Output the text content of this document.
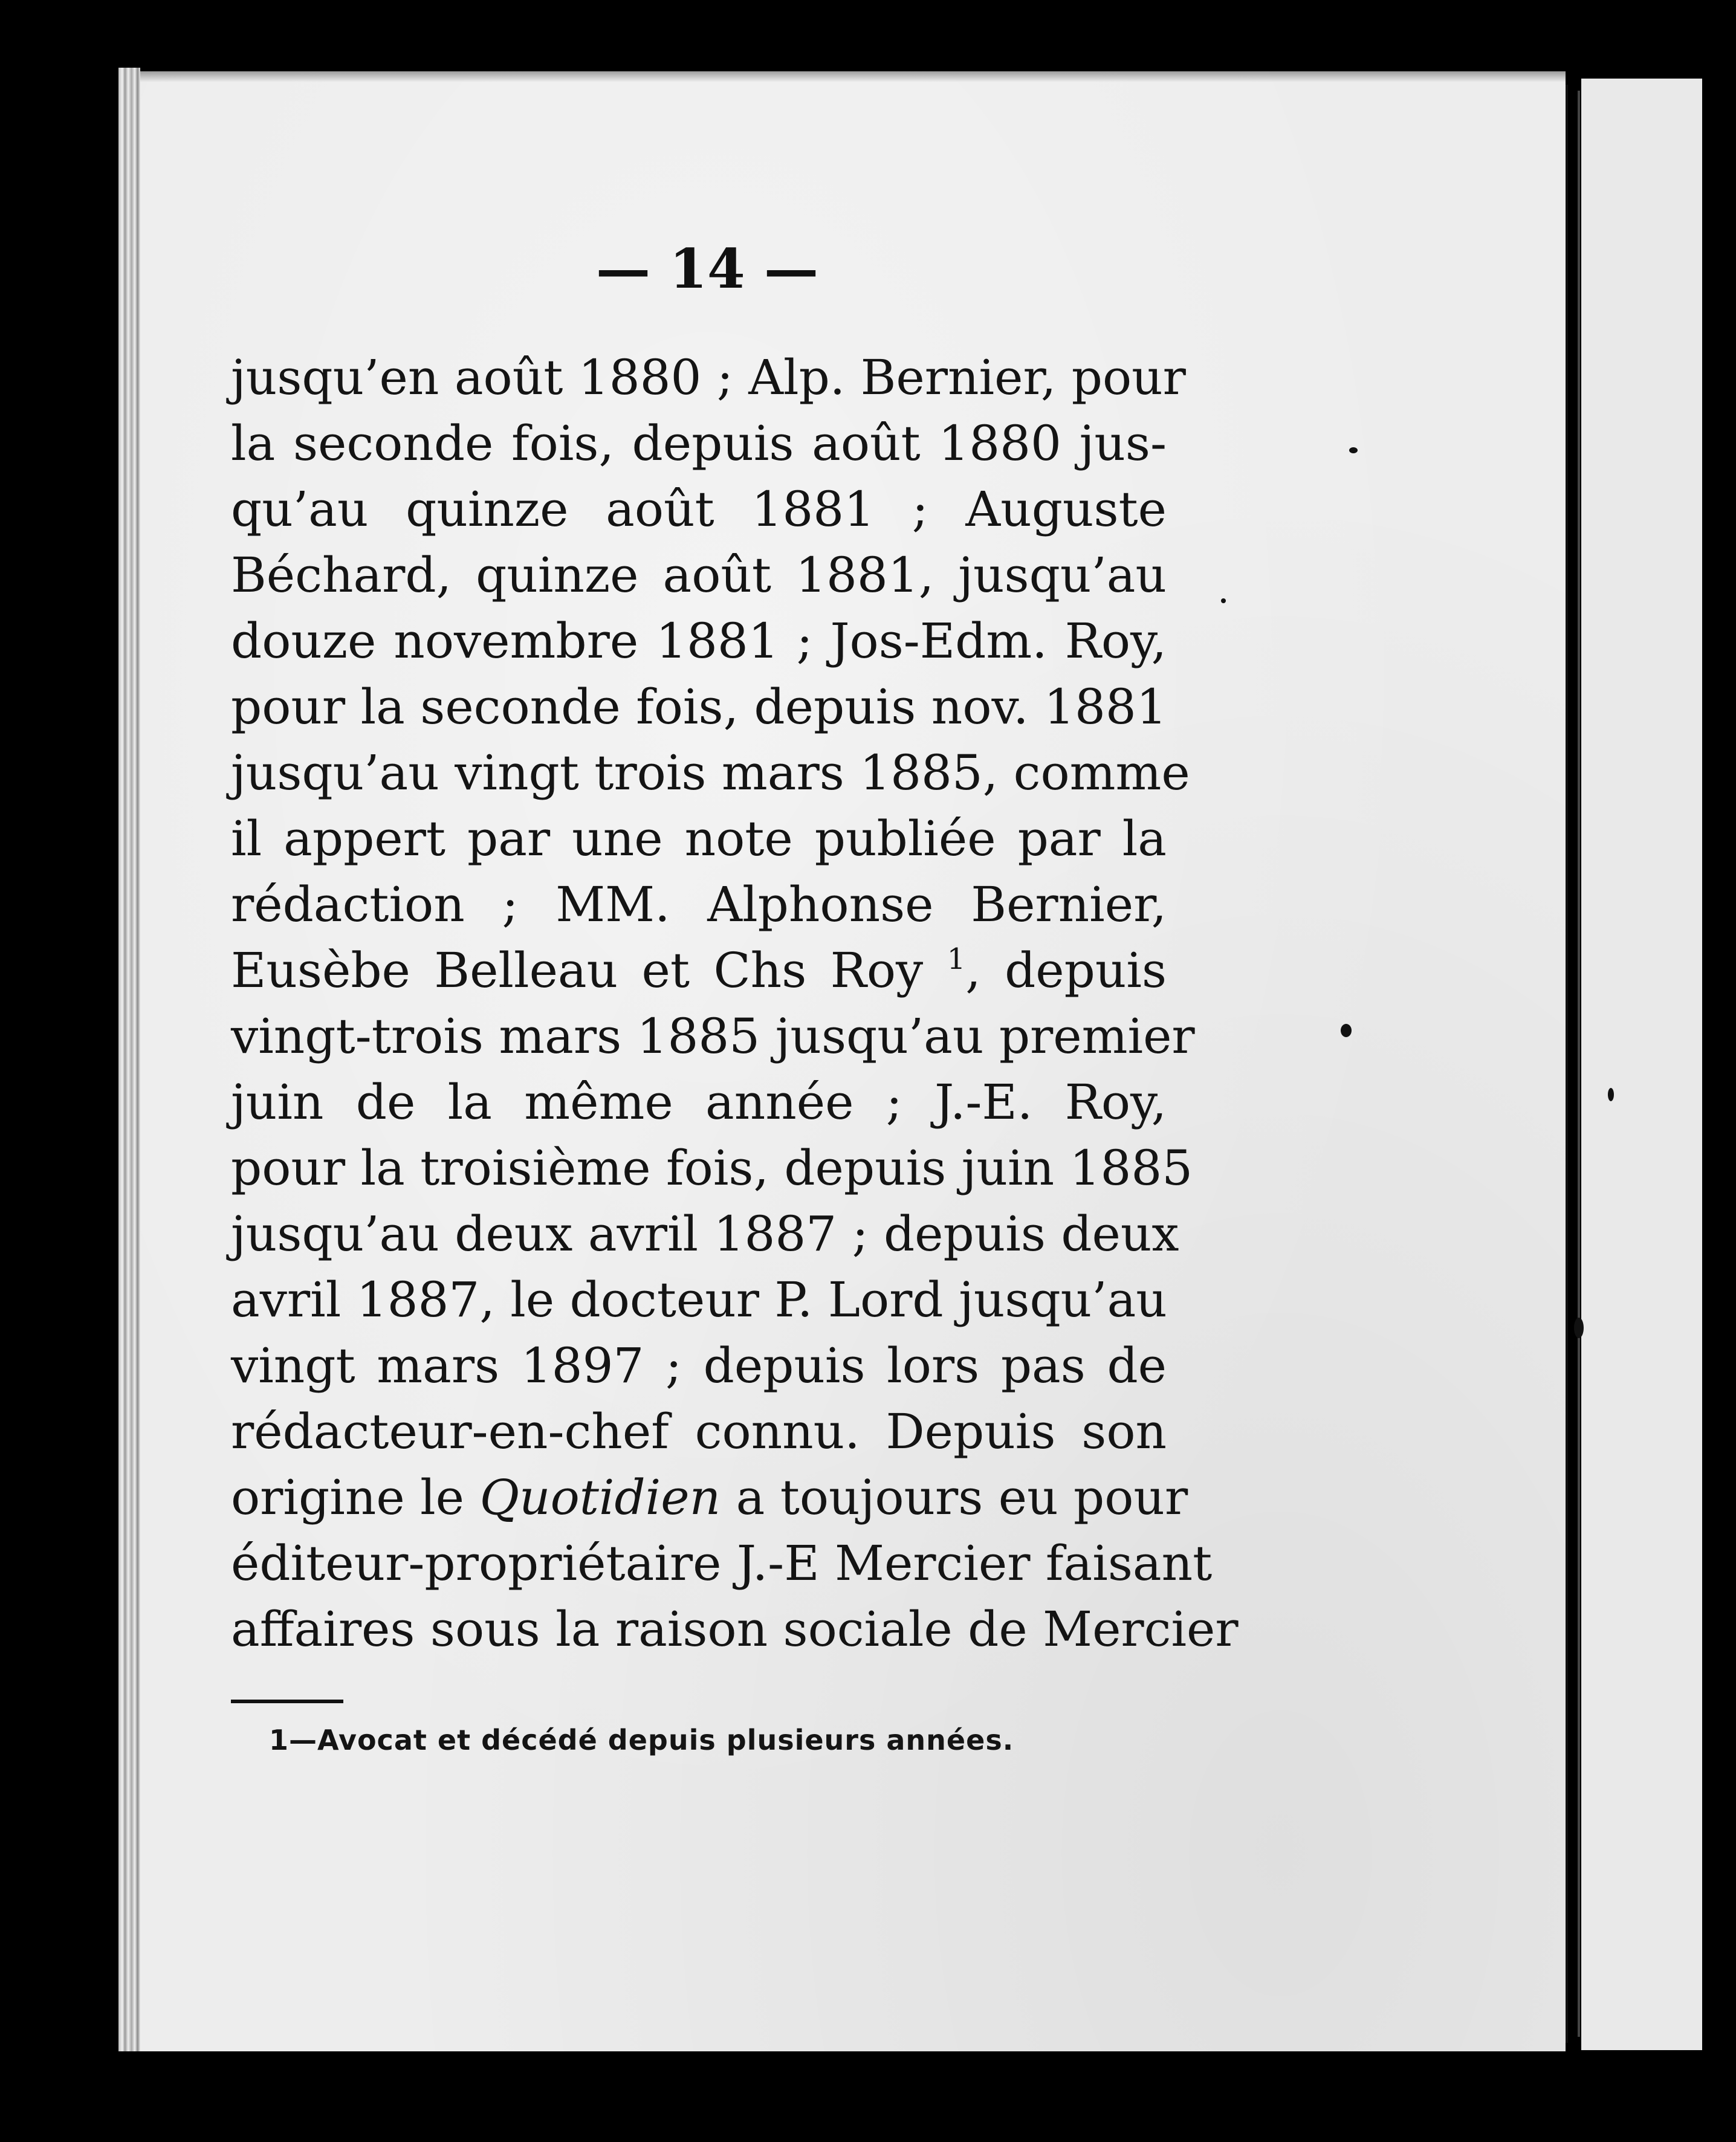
— 14 —
jusqu’en août 1880 ; Alp. Bernier, pour
la seconde fois, depuis août 1880 jus-
qu’au quinze août 1881 ; Auguste
Béchard, quinze août 1881, jusqu’au
douze novembre 1881 ; Jos-Edm. Roy,
pour la seconde fois, depuis nov. 1881
jusqu’au vingt trois mars 1885, comme
il appert par une note publiée par la
rédaction ; MM. Alphonse Bernier,
Eusèbe Belleau et Chs Roy $^1$, depuis
vingt-trois mars 1885 jusqu’au premier
juin de la même année ; J.-E. Roy,
pour la troisième fois, depuis juin 1885
jusqu’au deux avril 1887 ; depuis deux
avril 1887, le docteur P. Lord jusqu’au
vingt mars 1897 ; depuis lors pas de
rédacteur-en-chef connu. Depuis son
origine le Quotidien a toujours eu pour
éditeur-propriétaire J.-E Mercier faisant
affaires sous la raison sociale de Mercier
1—Avocat et décédé depuis plusieurs années.
